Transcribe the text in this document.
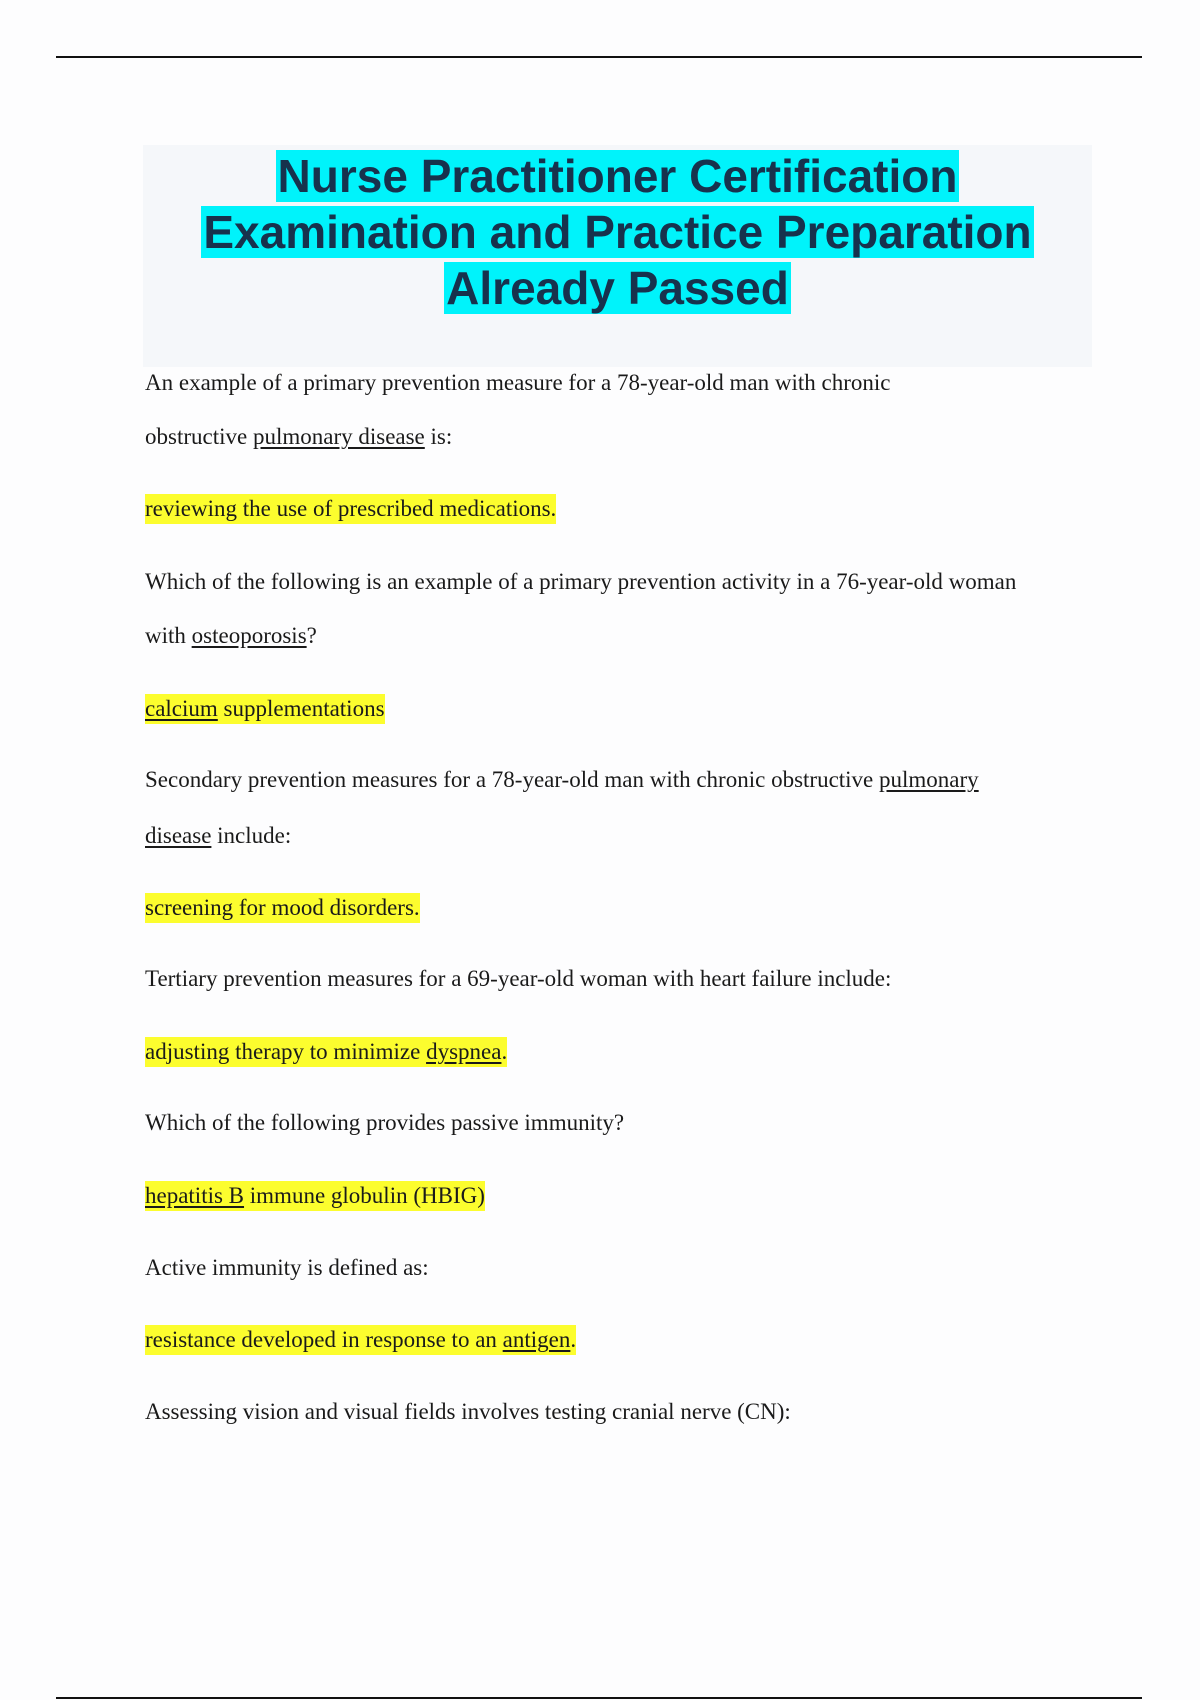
Nurse Practitioner Certification
Examination and Practice Preparation
Already Passed

An example of a primary prevention measure for a 78-year-old man with chronic

obstructive pulmonary disease is:

reviewing the use of prescribed medications.

Which of the following is an example of a primary prevention activity in a 76-year-old woman

with osteoporosis?

calcium supplementations

Secondary prevention measures for a 78-year-old man with chronic obstructive pulmonary

disease include:

screening for mood disorders.

Tertiary prevention measures for a 69-year-old woman with heart failure include:

adjusting therapy to minimize dyspnea.

Which of the following provides passive immunity?

hepatitis B immune globulin (HBIG)

Active immunity is defined as:

resistance developed in response to an antigen.

Assessing vision and visual fields involves testing cranial nerve (CN):
